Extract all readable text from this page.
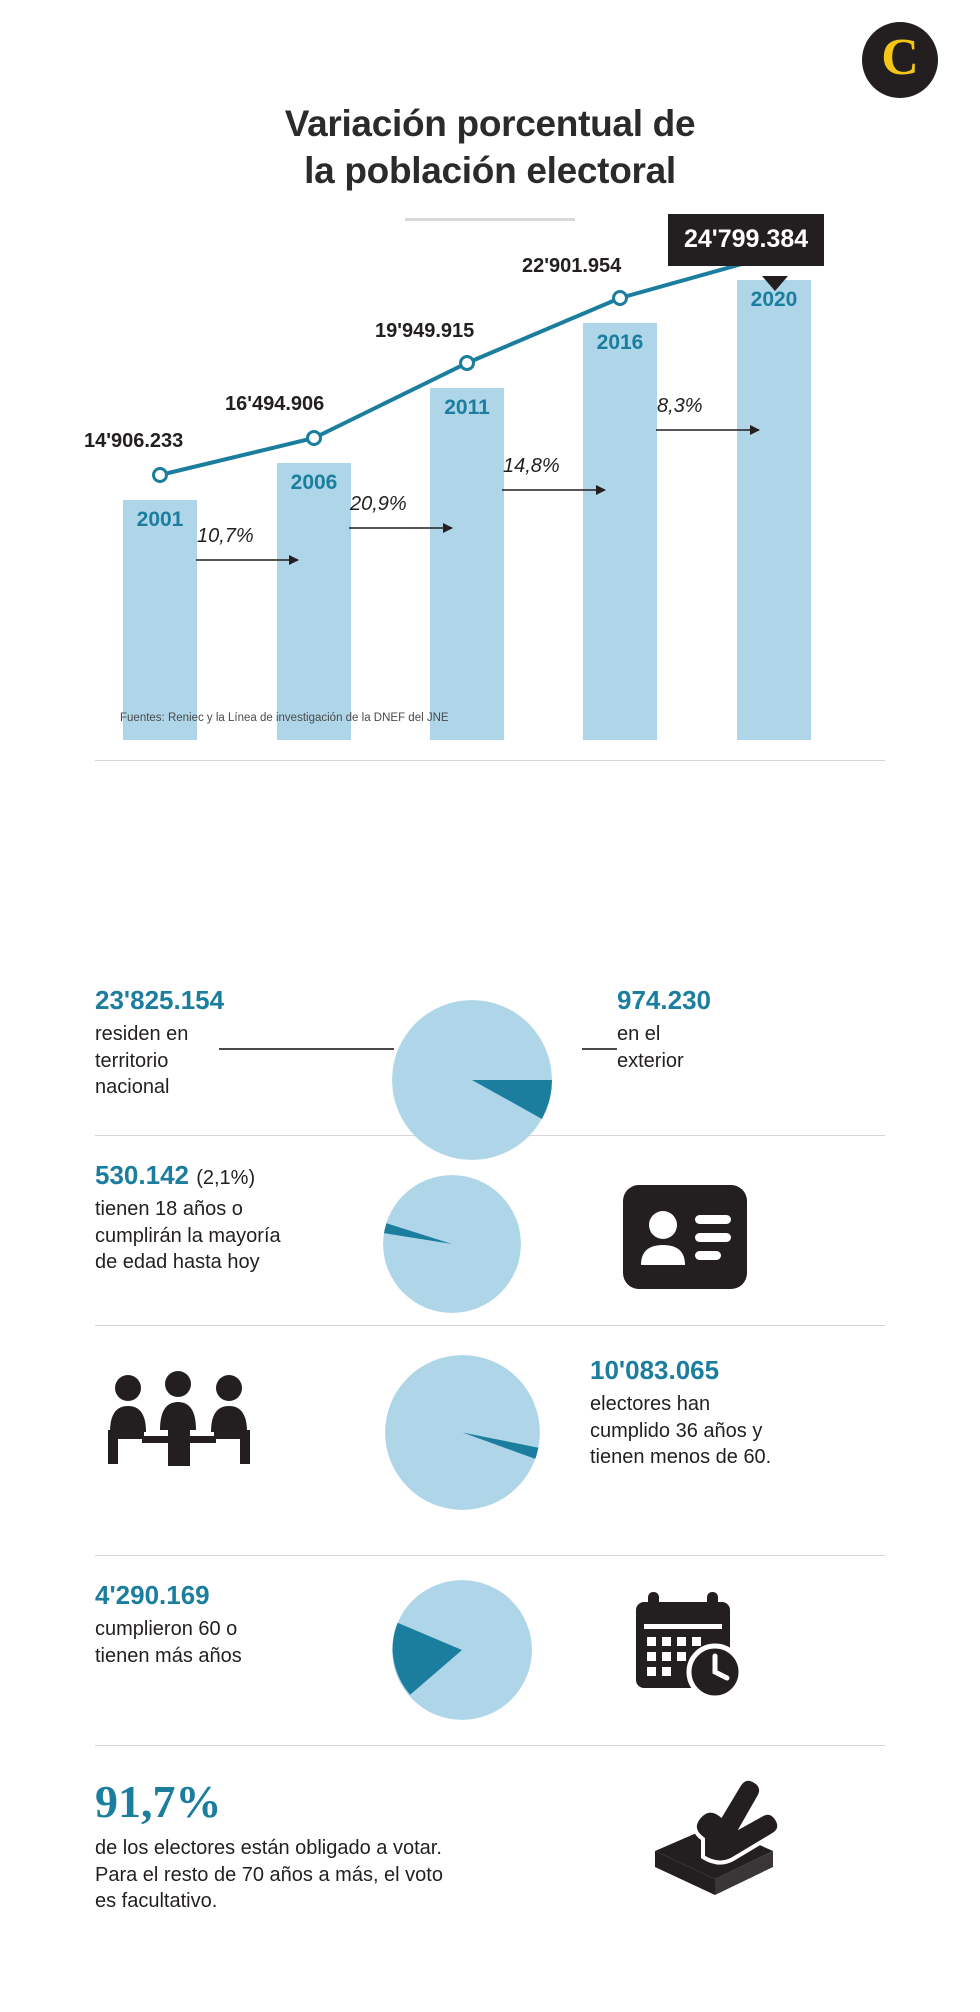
C
Variación porcentual de
la población electoral
2001
2006
2011
2016
2020
14'906.233
16'494.906
19'949.915
22'901.954
24'799.384
10,7%
20,9%
14,8%
8,3%
Fuentes: Reniec y la Línea de investigación de la DNEF del JNE
23'825.154
residen en
territorio
nacional
974.230
en el
exterior
530.142 (2,1%)
tienen 18 años o
cumplirán la mayoría
de edad hasta hoy
10'083.065
electores han
cumplido 36 años y
tienen menos de 60.
4'290.169
cumplieron 60 o
tienen más años
91,7%
de los electores están obligado a votar.
Para el resto de 70 años a más, el voto
es facultativo.
